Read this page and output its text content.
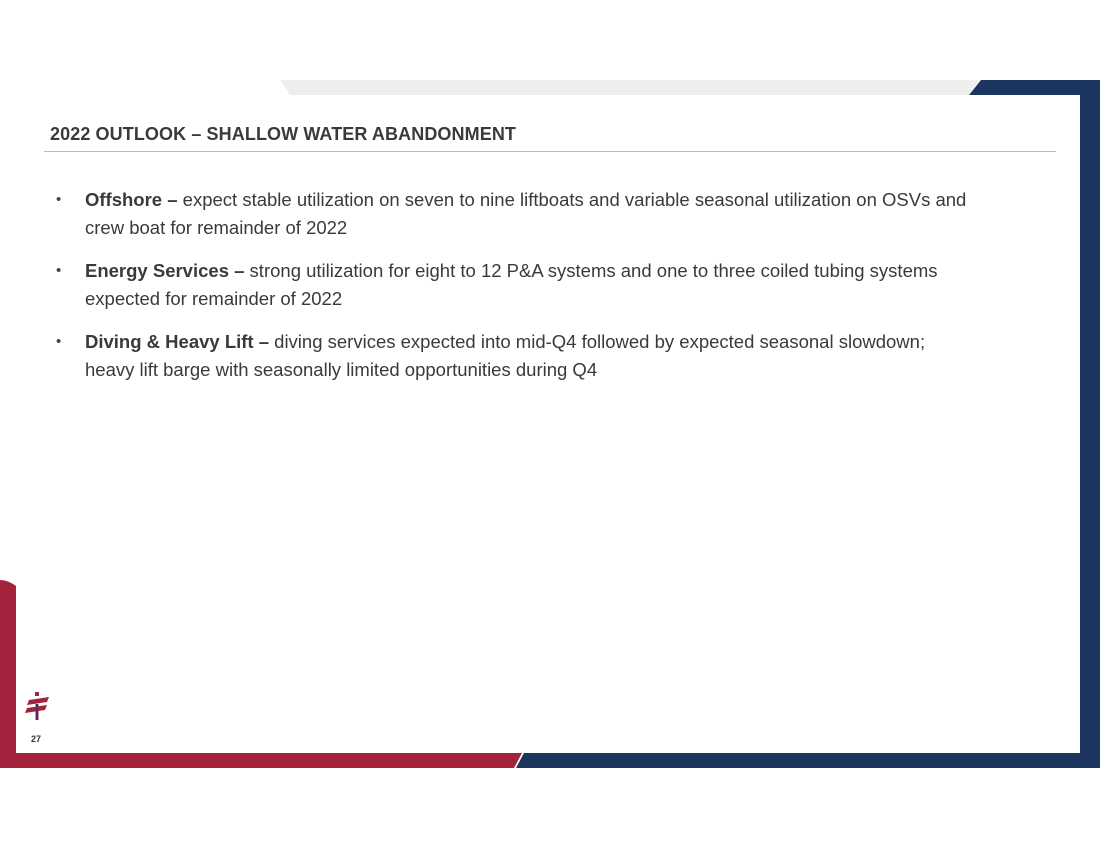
2022 OUTLOOK – SHALLOW WATER ABANDONMENT
•	Offshore – expect stable utilization on seven to nine liftboats and variable seasonal utilization on OSVs and crew boat for remainder of 2022
•	Energy Services – strong utilization for eight to 12 P&A systems and one to three coiled tubing systems expected for remainder of 2022
•	Diving & Heavy Lift – diving services expected into mid-Q4 followed by expected seasonal slowdown; heavy lift barge with seasonally limited opportunities during Q4
27
